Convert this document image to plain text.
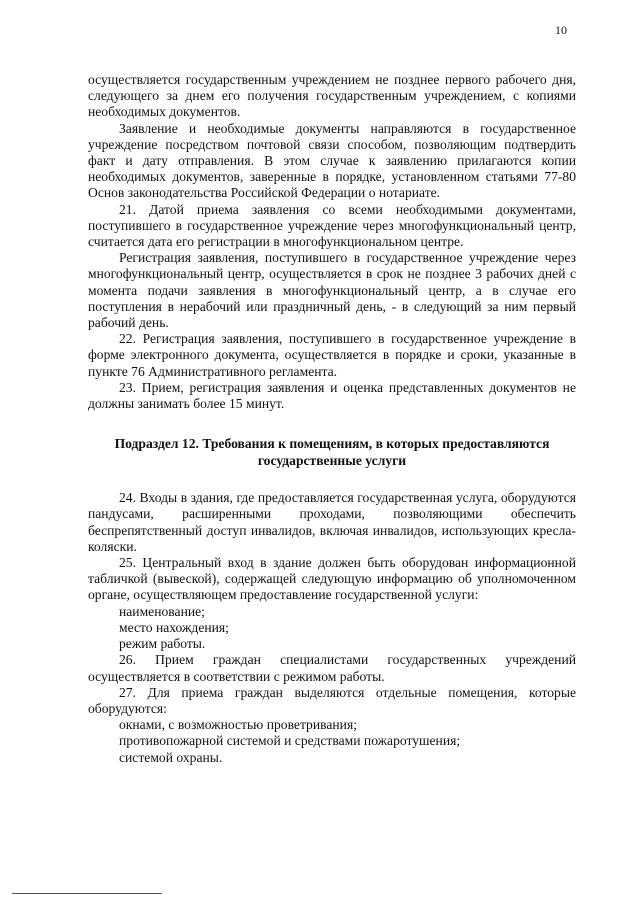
10

осуществляется государственным учреждением не позднее первого рабочего дня, следующего за днем его получения государственным учреждением, с копиями необходимых документов.

Заявление и необходимые документы направляются в государственное учреждение посредством почтовой связи способом, позволяющим подтвердить факт и дату отправления. В этом случае к заявлению прилагаются копии необходимых документов, заверенные в порядке, установленном статьями 77-80 Основ законодательства Российской Федерации о нотариате.

21. Датой приема заявления со всеми необходимыми документами, поступившего в государственное учреждение через многофункциональный центр, считается дата его регистрации в многофункциональном центре.

Регистрация заявления, поступившего в государственное учреждение через многофункциональный центр, осуществляется в срок не позднее 3 рабочих дней с момента подачи заявления в многофункциональный центр, а в случае его поступления в нерабочий или праздничный день, - в следующий за ним первый рабочий день.

22. Регистрация заявления, поступившего в государственное учреждение в форме электронного документа, осуществляется в порядке и сроки, указанные в пункте 76 Административного регламента.

23. Прием, регистрация заявления и оценка представленных документов не должны занимать более 15 минут.

Подраздел 12. Требования к помещениям, в которых предоставляются государственные услуги

24. Входы в здания, где предоставляется государственная услуга, оборудуются пандусами, расширенными проходами, позволяющими обеспечить беспрепятственный доступ инвалидов, включая инвалидов, использующих кресла-коляски.

25. Центральный вход в здание должен быть оборудован информационной табличкой (вывеской), содержащей следующую информацию об уполномоченном органе, осуществляющем предоставление государственной услуги:

наименование;

место нахождения;

режим работы.

26. Прием граждан специалистами государственных учреждений осуществляется в соответствии с режимом работы.

27. Для приема граждан выделяются отдельные помещения, которые оборудуются:

окнами, с возможностью проветривания;

противопожарной системой и средствами пожаротушения;

системой охраны.
